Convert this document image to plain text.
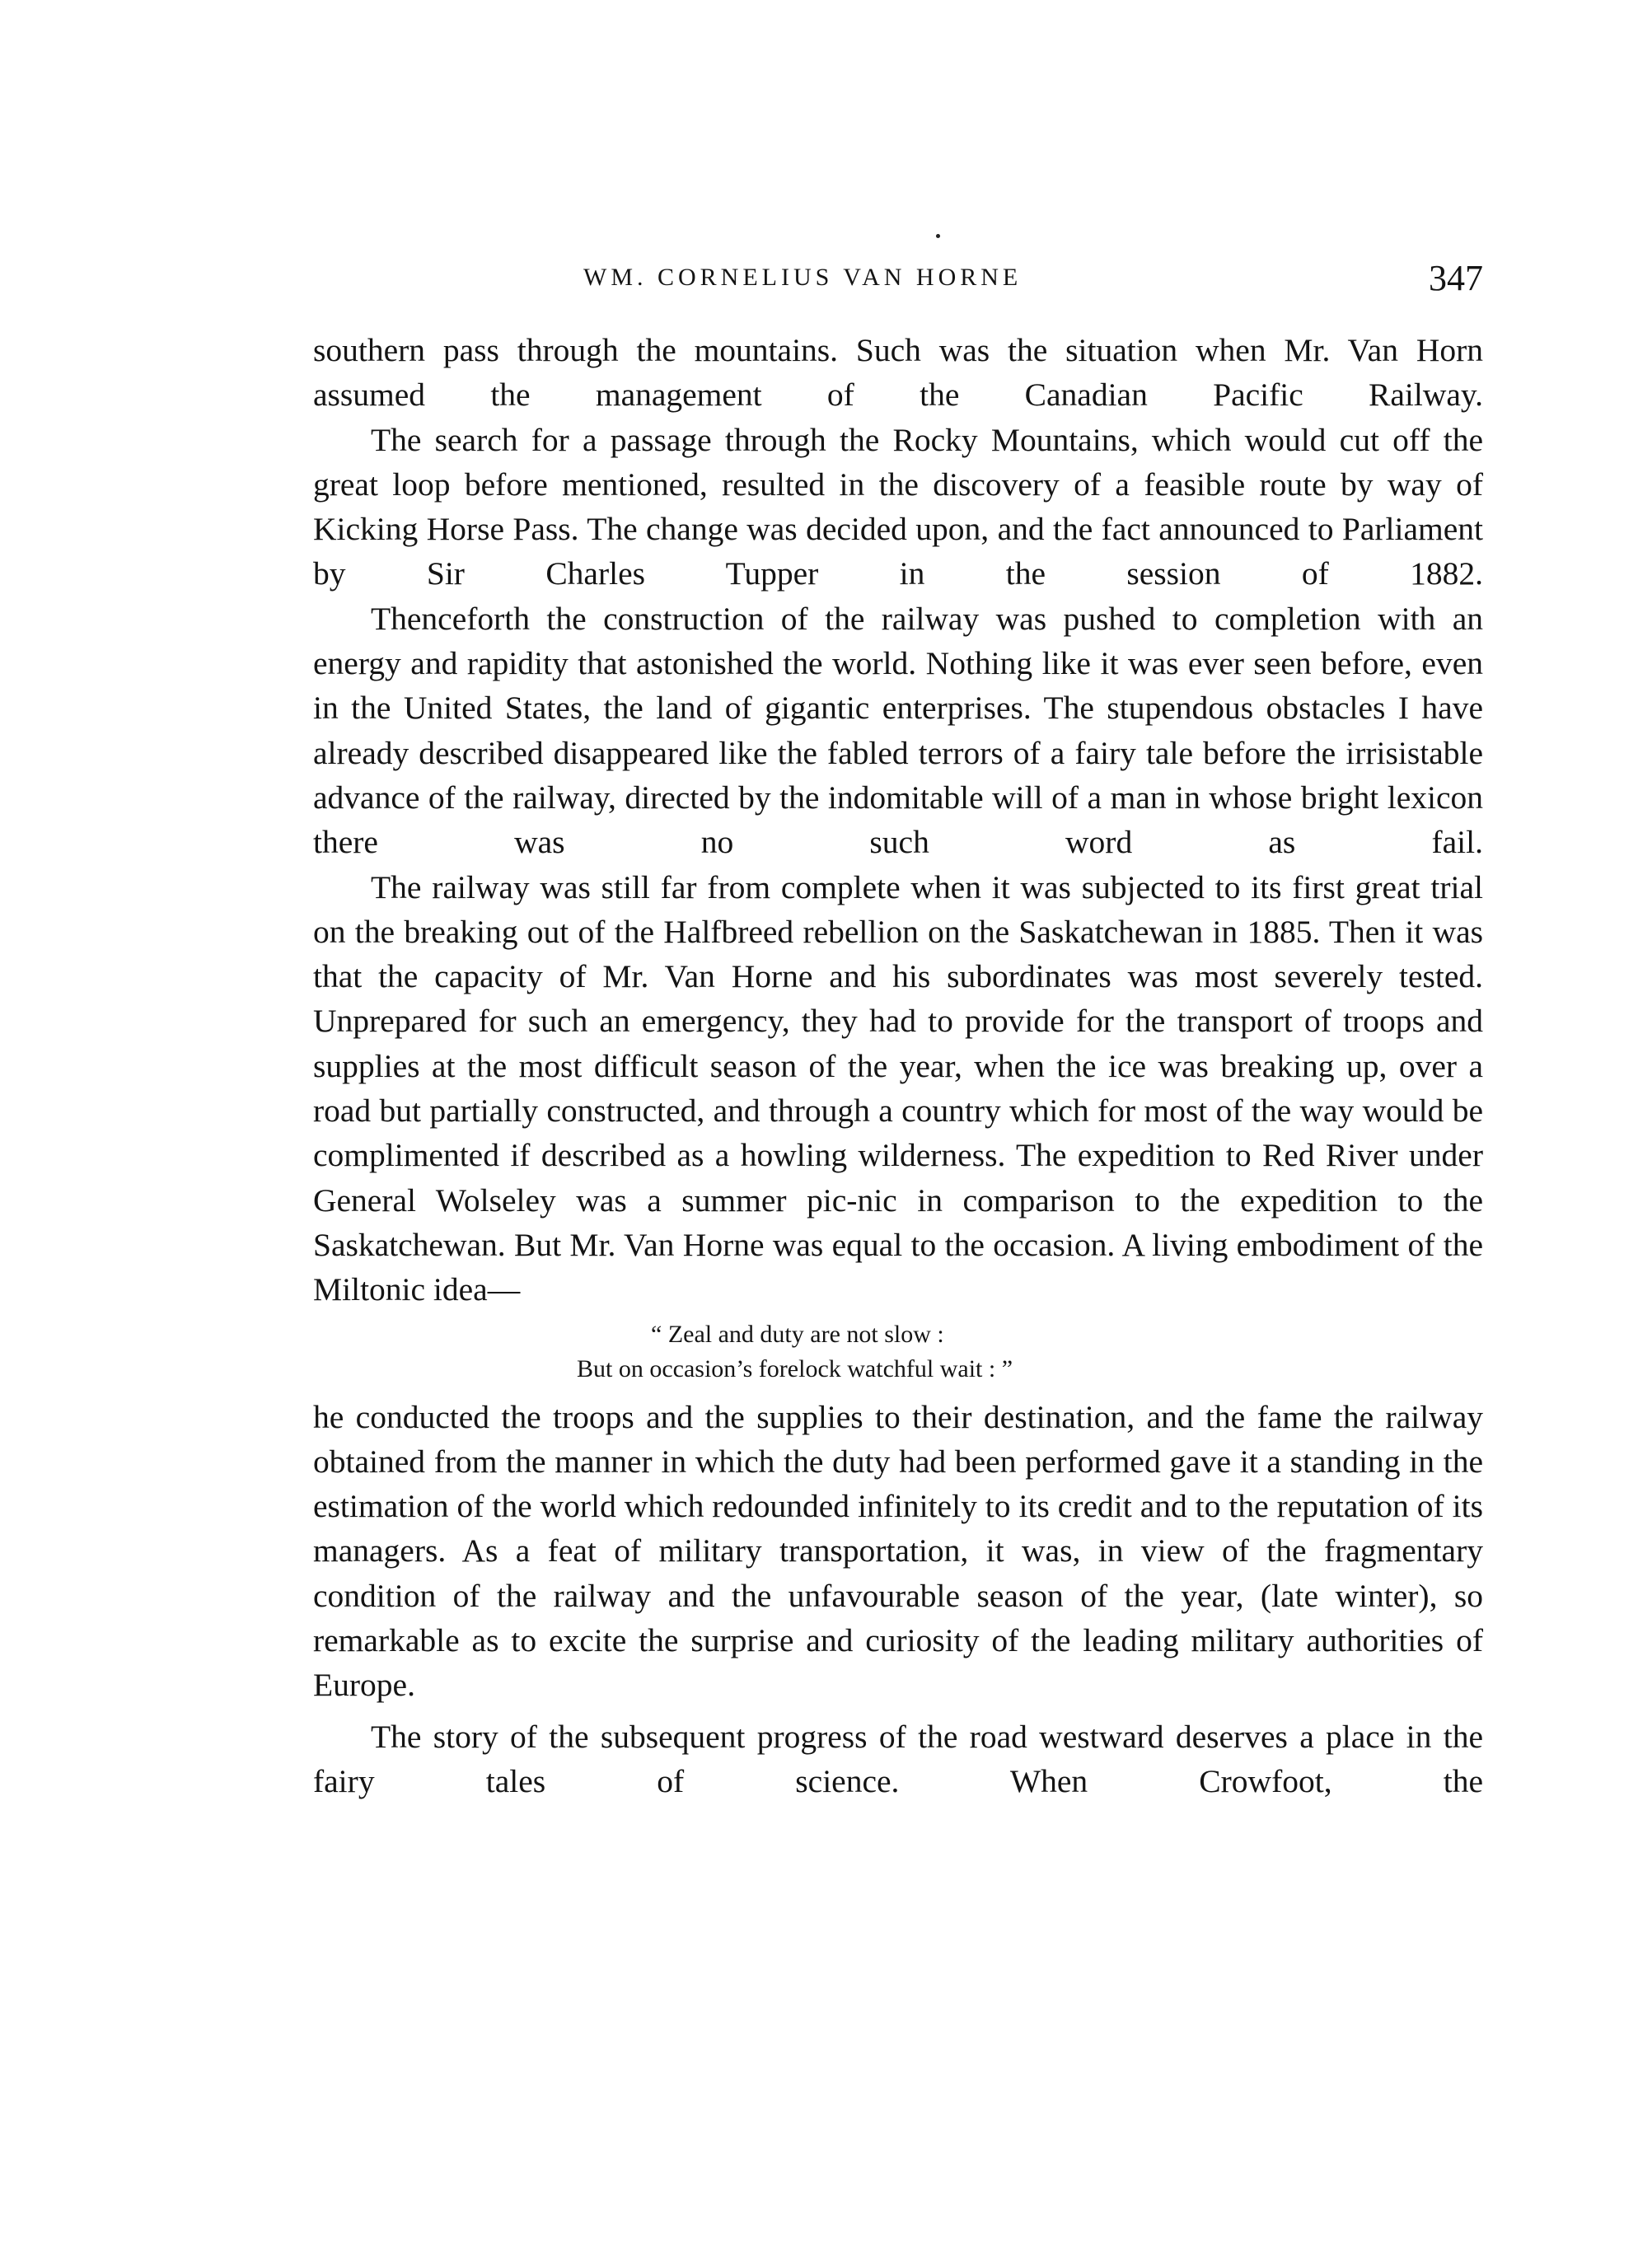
WM. CORNELIUS VAN HORNE	347

southern pass through the mountains. Such was the situation when Mr. Van Horn assumed the management of the Canadian Pacific Railway.

The search for a passage through the Rocky Mountains, which would cut off the great loop before mentioned, resulted in the discovery of a feasible route by way of Kicking Horse Pass. The change was decided upon, and the fact announced to Parliament by Sir Charles Tupper in the session of 1882.

Thenceforth the construction of the railway was pushed to completion with an energy and rapidity that astonished the world. Nothing like it was ever seen before, even in the United States, the land of gigantic enterprises. The stupendous obstacles I have already described disappeared like the fabled terrors of a fairy tale before the irrisistable advance of the railway, directed by the indomitable will of a man in whose bright lexicon there was no such word as fail.

The railway was still far from complete when it was subjected to its first great trial on the breaking out of the Halfbreed rebellion on the Saskatchewan in 1885. Then it was that the capacity of Mr. Van Horne and his subordinates was most severely tested. Unprepared for such an emergency, they had to provide for the transport of troops and supplies at the most difficult season of the year, when the ice was breaking up, over a road but partially constructed, and through a country which for most of the way would be complimented if described as a howling wilderness. The expedition to Red River under General Wolseley was a summer pic-nic in comparison to the expedition to the Saskatchewan. But Mr. Van Horne was equal to the occasion. A living embodiment of the Miltonic idea—

“ Zeal and duty are not slow :
But on occasion’s forelock watchful wait : ”

he conducted the troops and the supplies to their destination, and the fame the railway obtained from the manner in which the duty had been performed gave it a standing in the estimation of the world which redounded infinitely to its credit and to the reputation of its managers. As a feat of military transportation, it was, in view of the fragmentary condition of the railway and the unfavourable season of the year, (late winter), so remarkable as to excite the surprise and curiosity of the leading military authorities of Europe.

The story of the subsequent progress of the road westward deserves a place in the fairy tales of science. When Crowfoot, the
